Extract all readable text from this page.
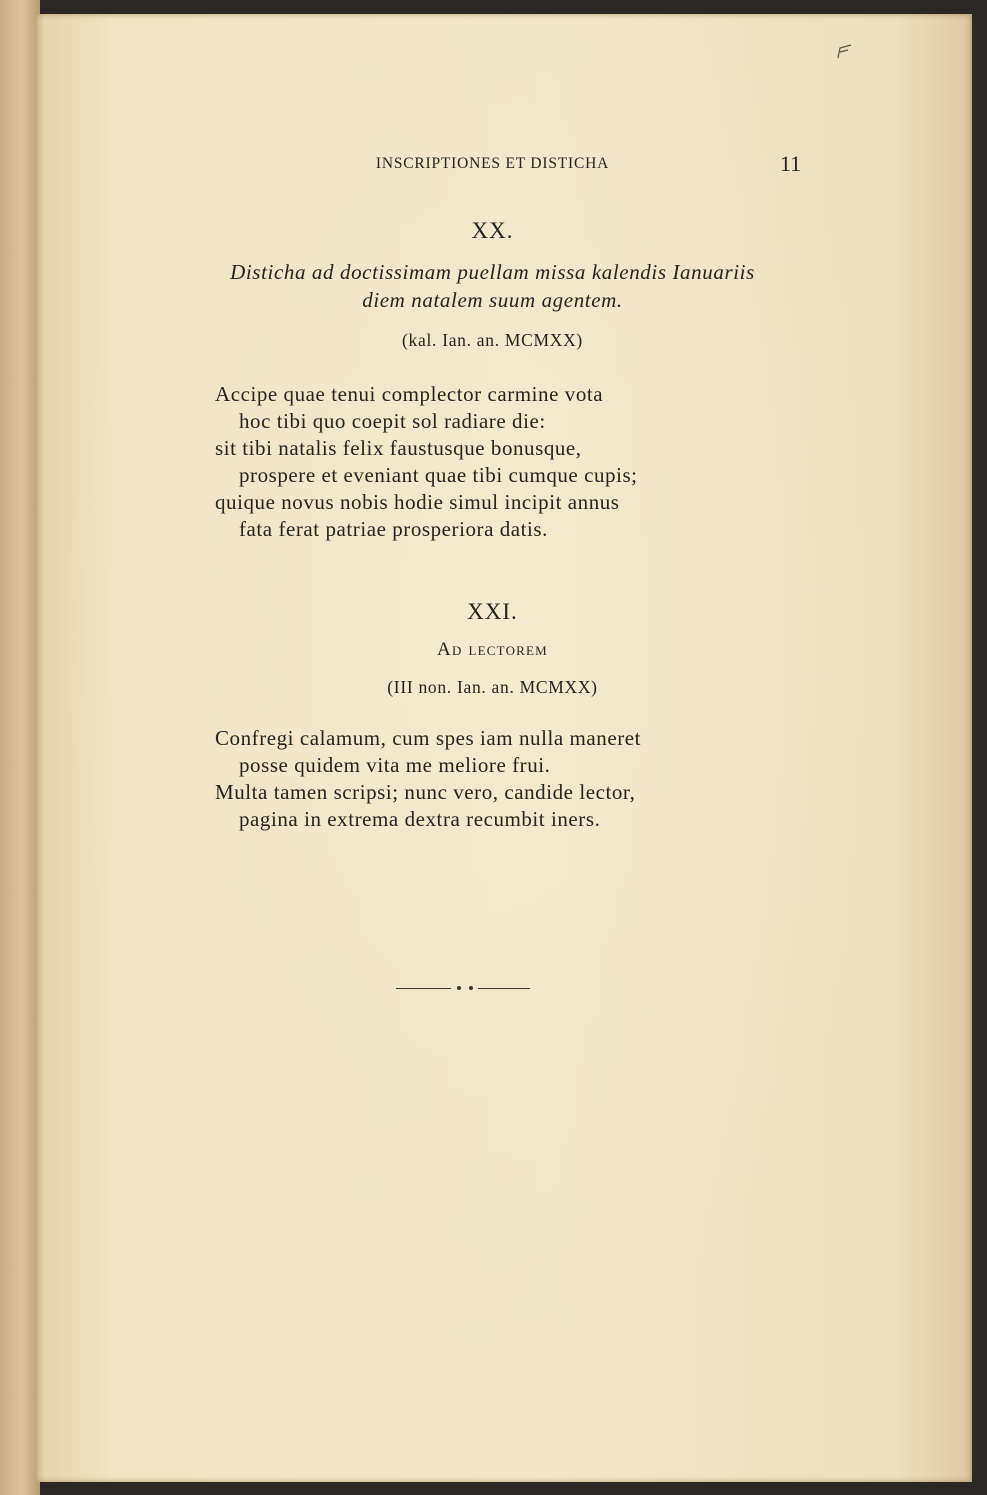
INSCRIPTIONES ET DISTICHA	11

XX.

Disticha ad doctissimam puellam missa kalendis Ianuariis

diem natalem suum agentem.

(kal. Ian. an. MCMXX)

Accipe quae tenui complector carmine vota

hoc tibi quo coepit sol radiare die:

sit tibi natalis felix faustusque bonusque,

prospere et eveniant quae tibi cumque cupis;

quique novus nobis hodie simul incipit annus

fata ferat patriae prosperiora datis.

XXI.

Ad lectorem

(III non. Ian. an. MCMXX)

Confregi calamum, cum spes iam nulla maneret

posse quidem vita me meliore frui.

Multa tamen scripsi; nunc vero, candide lector,

pagina in extrema dextra recumbit iners.
